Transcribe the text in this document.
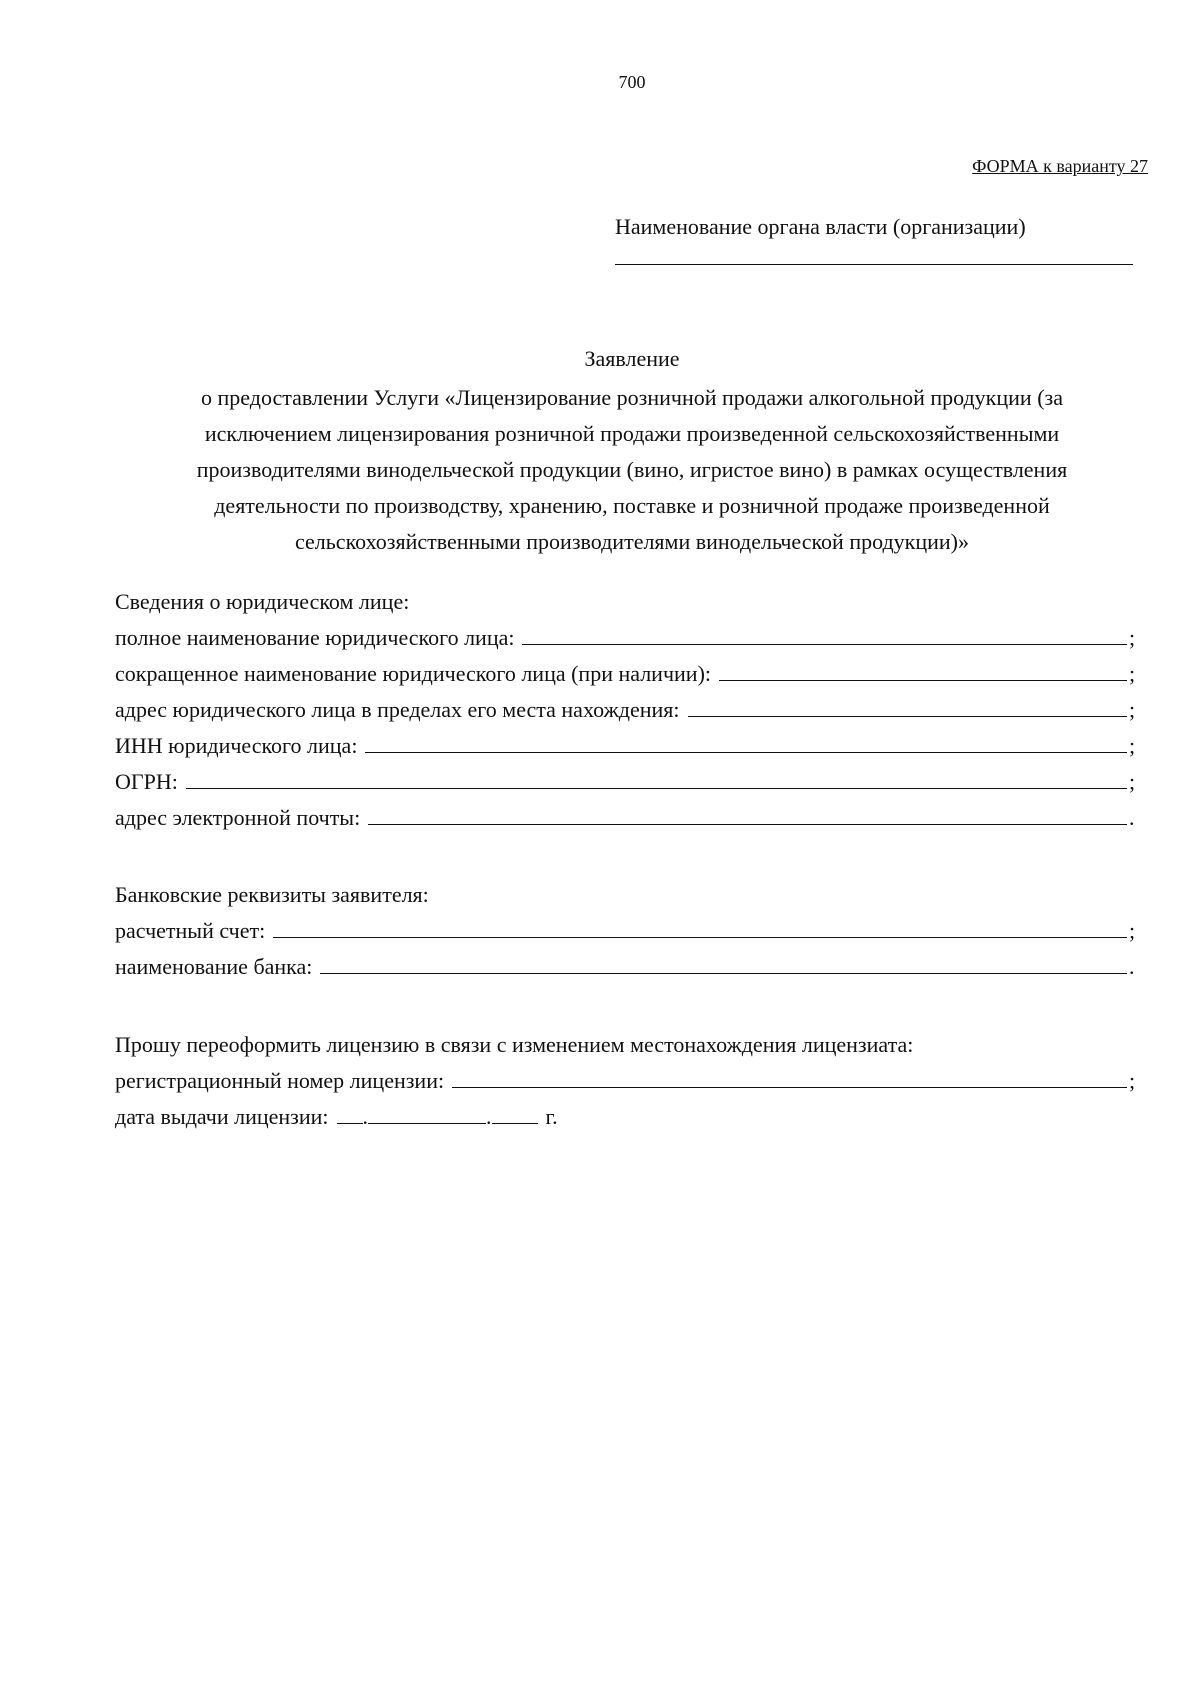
700
ФОРМА к варианту 27
Наименование органа власти (организации)
Заявление
о предоставлении Услуги «Лицензирование розничной продажи алкогольной продукции (за
исключением лицензирования розничной продажи произведенной сельскохозяйственными
производителями винодельческой продукции (вино, игристое вино) в рамках осуществления
деятельности по производству, хранению, поставке и розничной продаже произведенной
сельскохозяйственными производителями винодельческой продукции)»
Сведения о юридическом лице:
полное наименование юридического лица:	;
сокращенное наименование юридического лица (при наличии):	;
адрес юридического лица в пределах его места нахождения:	;
ИНН юридического лица:	;
ОГРН:	;
адрес электронной почты:	.
Банковские реквизиты заявителя:
расчетный счет:	;
наименование банка:	.
Прошу переоформить лицензию в связи с изменением местонахождения лицензиата:
регистрационный номер лицензии:	;
дата выдачи лицензии: .	. г.
